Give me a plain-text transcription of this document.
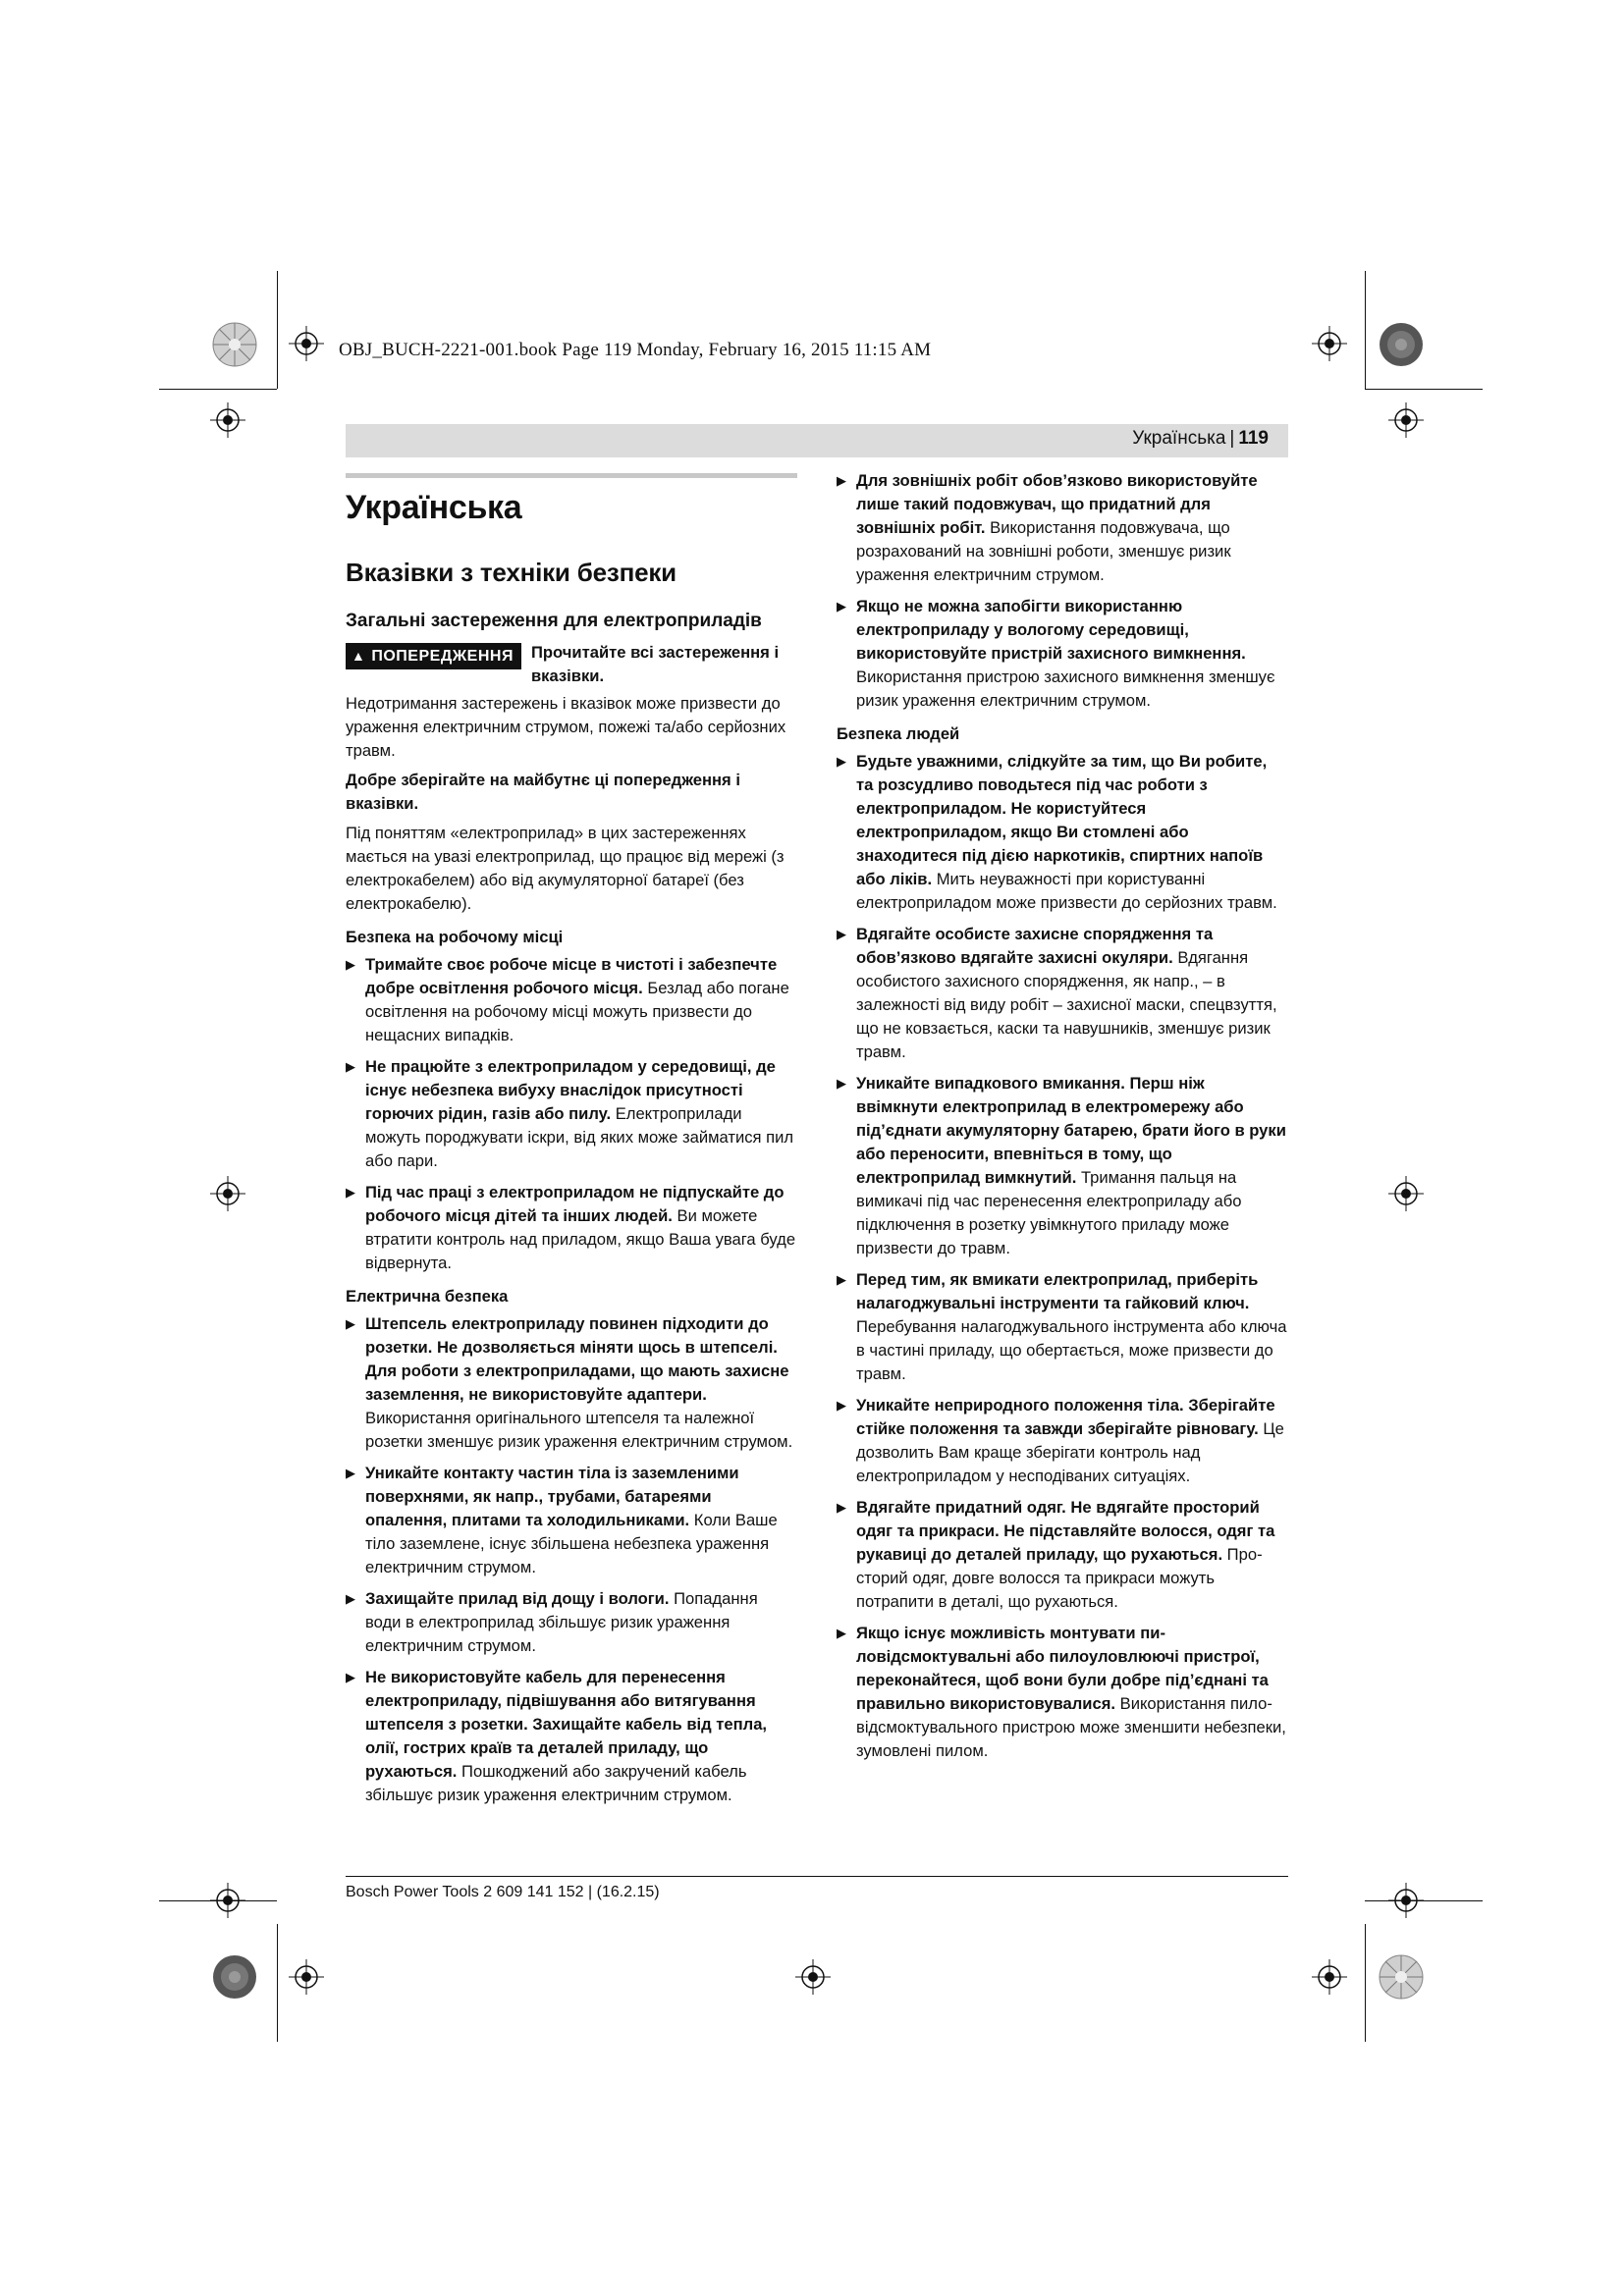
OBJ_BUCH-2221-001.book Page 119 Monday, February 16, 2015 11:15 AM
Українська | 119
Українська
Вказівки з техніки безпеки
Загальні застереження для електроприладів
▲ ПОПЕРЕДЖЕННЯ	Прочитайте всі застереження і вказівки.
Недотримання застережень і вказівок може призвести до ураження електричним струмом, пожежі та/або серйозних травм.
Добре зберігайте на майбутнє ці попередження і вказівки.
Під поняттям «електроприлад» в цих застереженнях мається на увазі електроприлад, що працює від мережі (з електрокабелем) або від акумуляторної батареї (без електрокабелю).
Безпека на робочому місці
▶ Тримайте своє робоче місце в чистоті і забезпечте добре освітлення робочого місця. Безлад або погане освітлення на робочому місці можуть призвести до нещасних випадків.
▶ Не працюйте з електроприладом у середовищі, де існує небезпека вибуху внаслідок присутності горючих рідин, газів або пилу. Електроприлади можуть породжувати іскри, від яких може займатися пил або пари.
▶ Під час праці з електроприладом не підпускайте до робочого місця дітей та інших людей. Ви можете втратити контроль над приладом, якщо Ваша увага буде відвернута.
Електрична безпека
▶ Штепсель електроприладу повинен підходити до розетки. Не дозволяється міняти щось в штепселі. Для роботи з електроприладами, що мають захисне заземлення, не використовуйте адаптери. Використання оригінального штепселя та належної розетки зменшує ризик ураження електричним струмом.
▶ Уникайте контакту частин тіла із заземленими поверхнями, як напр., трубами, батареями опалення, плитами та холодильниками. Коли Ваше тіло заземлене, існує збільшена небезпека ураження електричним струмом.
▶ Захищайте прилад від дощу і вологи. Попадання води в електроприлад збільшує ризик ураження електричним струмом.
▶ Не використовуйте кабель для перенесення електроприладу, підвішування або витягування штепселя з розетки. Захищайте кабель від тепла, олії, гострих країв та деталей приладу, що рухаються. Пошкоджений або закручений кабель збільшує ризик ураження електричним струмом.
▶ Для зовнішніх робіт обов’язково використовуйте лише такий подовжувач, що придатний для зовнішніх робіт. Використання подовжувача, що розрахований на зовнішні роботи, зменшує ризик ураження електричним струмом.
▶ Якщо не можна запобігти використанню електроприладу у вологому середовищі, використовуйте пристрій захисного вимкнення. Використання пристрою захисного вимкнення зменшує ризик ураження електричним струмом.
Безпека людей
▶ Будьте уважними, слідкуйте за тим, що Ви робите, та розсудливо поводьтеся під час роботи з електроприладом. Не користуйтеся електроприладом, якщо Ви стомлені або знаходитеся під дією наркотиків, спиртних напоїв або ліків. Мить неуважності при користуванні електроприладом може призвести до серйозних травм.
▶ Вдягайте особисте захисне спорядження та обов’язково вдягайте захисні окуляри. Вдягання особистого захисного спорядження, як напр., – в залежності від виду робіт – захисної маски, спецвзуття, що не ковзається, каски та навушників, зменшує ризик травм.
▶ Уникайте випадкового вмикання. Перш ніж ввімкнути електроприлад в електромережу або під’єднати акумуляторну батарею, брати його в руки або переносити, впевніться в тому, що електроприлад вимкнутий. Тримання пальця на вимикачі під час перенесення електроприладу або підключення в розетку увімкнутого приладу може призвести до травм.
▶ Перед тим, як вмикати електроприлад, приберіть налагоджувальні інструменти та гайковий ключ. Перебування налагоджувального інструмента або ключа в частині приладу, що обертається, може призвести до травм.
▶ Уникайте неприродного положення тіла. Зберігайте стійке положення та завжди зберігайте рівновагу. Це дозволить Вам краще зберігати контроль над електроприладом у несподіваних ситуаціях.
▶ Вдягайте придатний одяг. Не вдягайте просторий одяг та прикраси. Не підставляйте волосся, одяг та рукавиці до деталей приладу, що рухаються. Просторий одяг, довге волосся та прикраси можуть потрапити в деталі, що рухаються.
▶ Якщо існує можливість монтувати пиловідсмоктувальні або пилоуловлюючі пристрої, переконайтеся, щоб вони були добре під’єднані та правильно використовувалися. Використання пиловідсмоктувального пристрою може зменшити небезпеки, зумовлені пилом.
Bosch Power Tools 2 609 141 152 | (16.2.15)
